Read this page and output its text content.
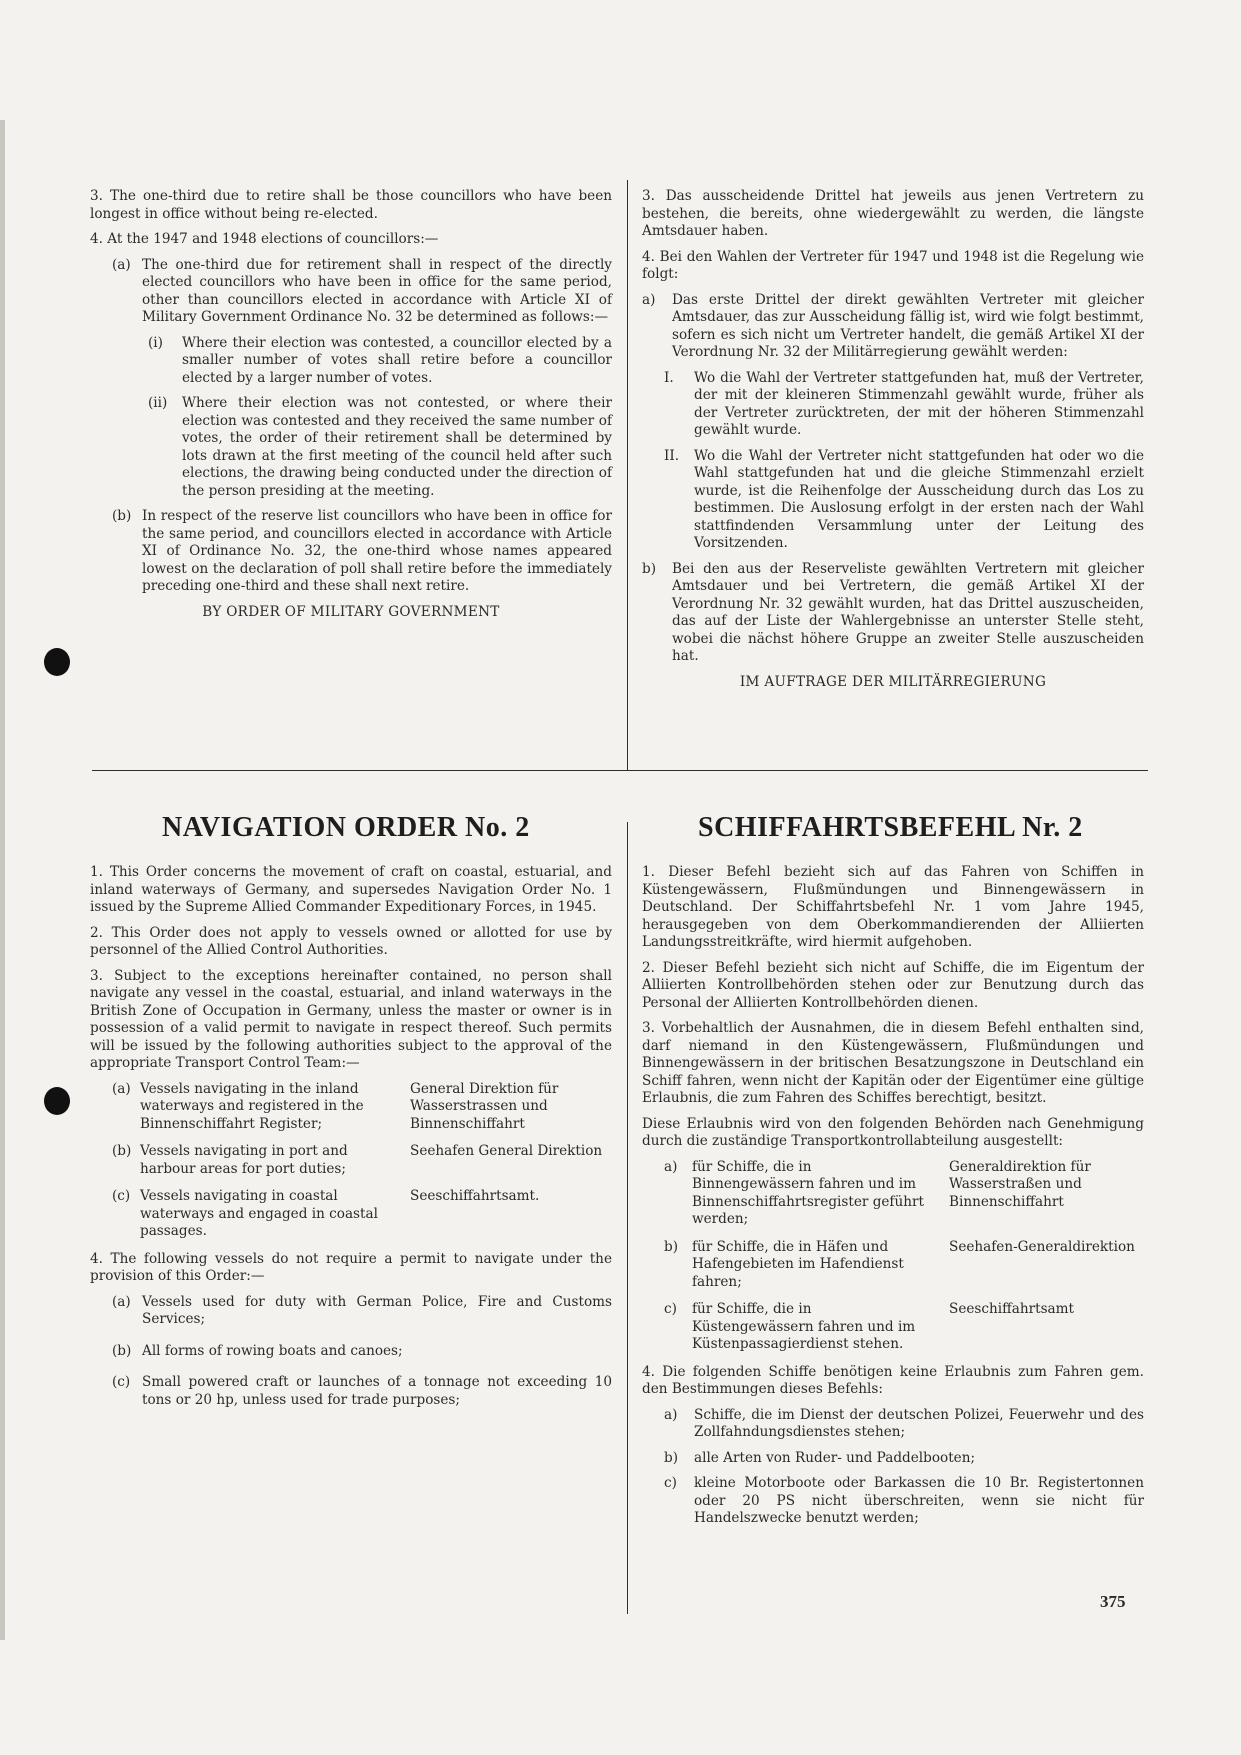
3. The one-third due to retire shall be those councillors who have been longest in office without being re-elected.

4. At the 1947 and 1948 elections of councillors:—

(a) The one-third due for retirement shall in respect of the directly elected councillors who have been in office for the same period, other than councillors elected in accordance with Article XI of Military Government Ordinance No. 32 be determined as follows:—
(i)	Where their election was contested, a councillor elected by a smaller number of votes shall retire before a councillor elected by a larger number of votes.
(ii)	Where their election was not contested, or where their election was contested and they received the same number of votes, the order of their retirement shall be determined by lots drawn at the first meeting of the council held after such elections, the drawing being conducted under the direction of the person presiding at the meeting.
(b) In respect of the reserve list councillors who have been in office for the same period, and councillors elected in accordance with Article XI of Ordinance No. 32, the one-third whose names appeared lowest on the declaration of poll shall retire before the immediately preceding one-third and these shall next retire.

BY ORDER OF MILITARY GOVERNMENT

3. Das ausscheidende Drittel hat jeweils aus jenen Vertretern zu bestehen, die bereits, ohne wiedergewählt zu werden, die längste Amtsdauer haben.

4. Bei den Wahlen der Vertreter für 1947 und 1948 ist die Regelung wie folgt:

a)	Das erste Drittel der direkt gewählten Vertreter mit gleicher Amtsdauer, das zur Ausscheidung fällig ist, wird wie folgt bestimmt, sofern es sich nicht um Vertreter handelt, die gemäß Artikel XI der Verordnung Nr. 32 der Militärregierung gewählt werden:
I.	Wo die Wahl der Vertreter stattgefunden hat, muß der Vertreter, der mit der kleineren Stimmenzahl gewählt wurde, früher als der Vertreter zurücktreten, der mit der höheren Stimmenzahl gewählt wurde.
II.	Wo die Wahl der Vertreter nicht stattgefunden hat oder wo die Wahl stattgefunden hat und die gleiche Stimmenzahl erzielt wurde, ist die Reihenfolge der Ausscheidung durch das Los zu bestimmen. Die Auslosung erfolgt in der ersten nach der Wahl stattfindenden Versammlung unter der Leitung des Vorsitzenden.
b)	Bei den aus der Reserveliste gewählten Vertretern mit gleicher Amtsdauer und bei Vertretern, die gemäß Artikel XI der Verordnung Nr. 32 gewählt wurden, hat das Drittel auszuscheiden, das auf der Liste der Wahlergebnisse an unterster Stelle steht, wobei die nächst höhere Gruppe an zweiter Stelle auszuscheiden hat.

IM AUFTRAGE DER MILITÄRREGIERUNG

NAVIGATION ORDER No. 2	SCHIFFAHRTSBEFEHL Nr. 2

1. This Order concerns the movement of craft on coastal, estuarial, and inland waterways of Germany, and supersedes Navigation Order No. 1 issued by the Supreme Allied Commander Expeditionary Forces, in 1945.

2. This Order does not apply to vessels owned or allotted for use by personnel of the Allied Control Authorities.

3. Subject to the exceptions hereinafter contained, no person shall navigate any vessel in the coastal, estuarial, and inland waterways in the British Zone of Occupation in Germany, unless the master or owner is in possession of a valid permit to navigate in respect thereof. Such permits will be issued by the following authorities subject to the approval of the appropriate Transport Control Team:—

(a) Vessels navigating in the inland waterways and registered in the Binnenschiffahrt Register;
General Direktion für Wasserstrassen und Binnenschiffahrt
(b) Vessels navigating in port and harbour areas for port duties;
Seehafen General Direktion
(c) Vessels navigating in coastal waterways and engaged in coastal passages.
Seeschiffahrtsamt.

4. The following vessels do not require a permit to navigate under the provision of this Order:—

(a) Vessels used for duty with German Police, Fire and Customs Services;
(b) All forms of rowing boats and canoes;
(c) Small powered craft or launches of a tonnage not exceeding 10 tons or 20 hp, unless used for trade purposes;

1. Dieser Befehl bezieht sich auf das Fahren von Schiffen in Küstengewässern, Flußmündungen und Binnengewässern in Deutschland. Der Schiffahrtsbefehl Nr. 1 vom Jahre 1945, herausgegeben von dem Oberkommandierenden der Alliierten Landungsstreitkräfte, wird hiermit aufgehoben.

2. Dieser Befehl bezieht sich nicht auf Schiffe, die im Eigentum der Alliierten Kontrollbehörden stehen oder zur Benutzung durch das Personal der Alliierten Kontrollbehörden dienen.

3. Vorbehaltlich der Ausnahmen, die in diesem Befehl enthalten sind, darf niemand in den Küstengewässern, Flußmündungen und Binnengewässern in der britischen Besatzungszone in Deutschland ein Schiff fahren, wenn nicht der Kapitän oder der Eigentümer eine gültige Erlaubnis, die zum Fahren des Schiffes berechtigt, besitzt.

Diese Erlaubnis wird von den folgenden Behörden nach Genehmigung durch die zuständige Transportkontrollabteilung ausgestellt:

a)	für Schiffe, die in Binnengewässern fahren und im Binnenschiffahrtsregister geführt werden;
Generaldirektion für Wasserstraßen und Binnenschiffahrt
b)	für Schiffe, die in Häfen und Hafengebieten im Hafendienst fahren;
Seehafen-Generaldirektion
c)	für Schiffe, die in Küstengewässern fahren und im Küstenpassagierdienst stehen.
Seeschiffahrtsamt

4. Die folgenden Schiffe benötigen keine Erlaubnis zum Fahren gem. den Bestimmungen dieses Befehls:

a)	Schiffe, die im Dienst der deutschen Polizei, Feuerwehr und des Zollfahndungsdienstes stehen;
b)	alle Arten von Ruder- und Paddelbooten;
c)	kleine Motorboote oder Barkassen die 10 Br. Registertonnen oder 20 PS nicht überschreiten, wenn sie nicht für Handelszwecke benutzt werden;
375
